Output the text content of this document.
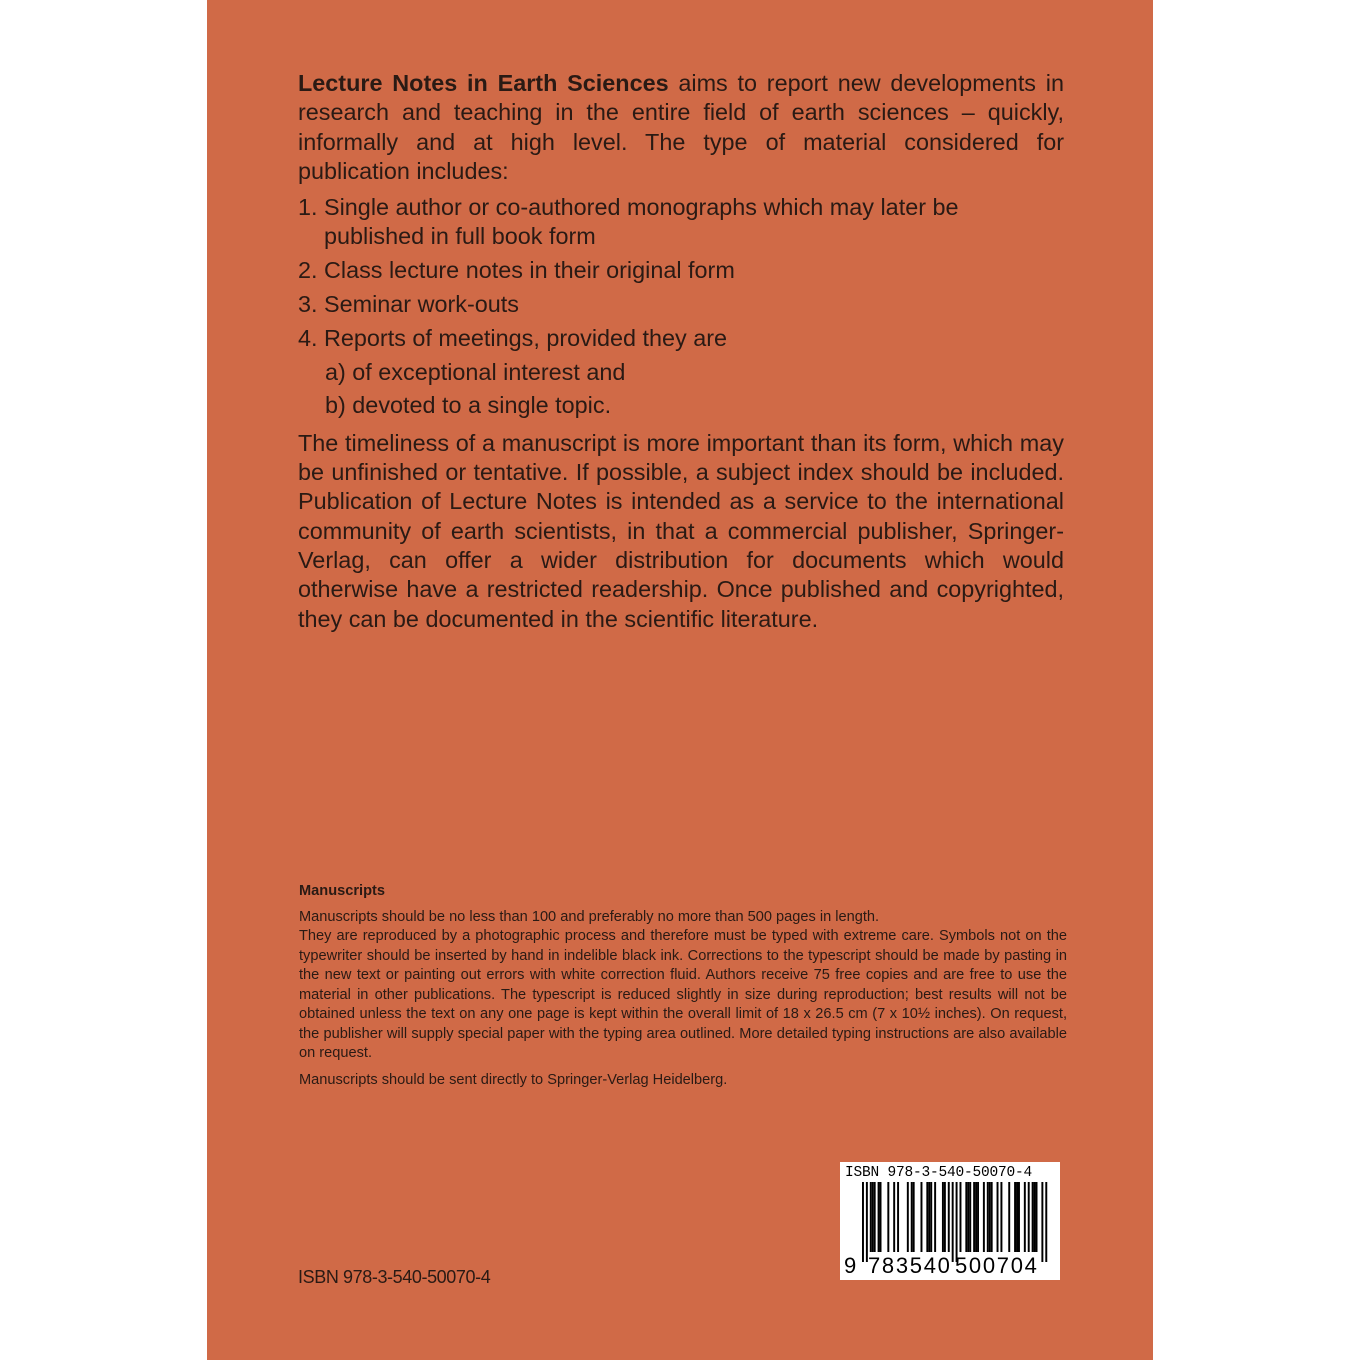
Lecture Notes in Earth Sciences aims to report new developments in research and teaching in the entire field of earth sciences – quickly, informally and at high level. The type of material considered for publication includes:

1. Single author or co-authored monographs which may later be published in full book form
2. Class lecture notes in their original form
3. Seminar work-outs
4. Reports of meetings, provided they are
a) of exceptional interest and
b) devoted to a single topic.

The timeliness of a manuscript is more important than its form, which may be unfinished or tentative. If possible, a subject index should be included. Publication of Lecture Notes is intended as a service to the international community of earth scientists, in that a commercial publisher, Springer-Verlag, can offer a wider distribution for documents which would otherwise have a restricted readership. Once published and copyrighted, they can be documented in the scientific literature.

Manuscripts

Manuscripts should be no less than 100 and preferably no more than 500 pages in length.

They are reproduced by a photographic process and therefore must be typed with extreme care. Symbols not on the typewriter should be inserted by hand in indelible black ink. Corrections to the typescript should be made by pasting in the new text or painting out errors with white correction fluid. Authors receive 75 free copies and are free to use the material in other publications. The typescript is reduced slightly in size during reproduction; best results will not be obtained unless the text on any one page is kept within the overall limit of 18 x 26.5 cm (7 x 10½ inches). On request, the publisher will supply special paper with the typing area outlined. More detailed typing instructions are also available on request.

Manuscripts should be sent directly to Springer-Verlag Heidelberg.

ISBN 978-3-540-50070-4
ISBN 978-3-540-50070-4
9 783540 500704
